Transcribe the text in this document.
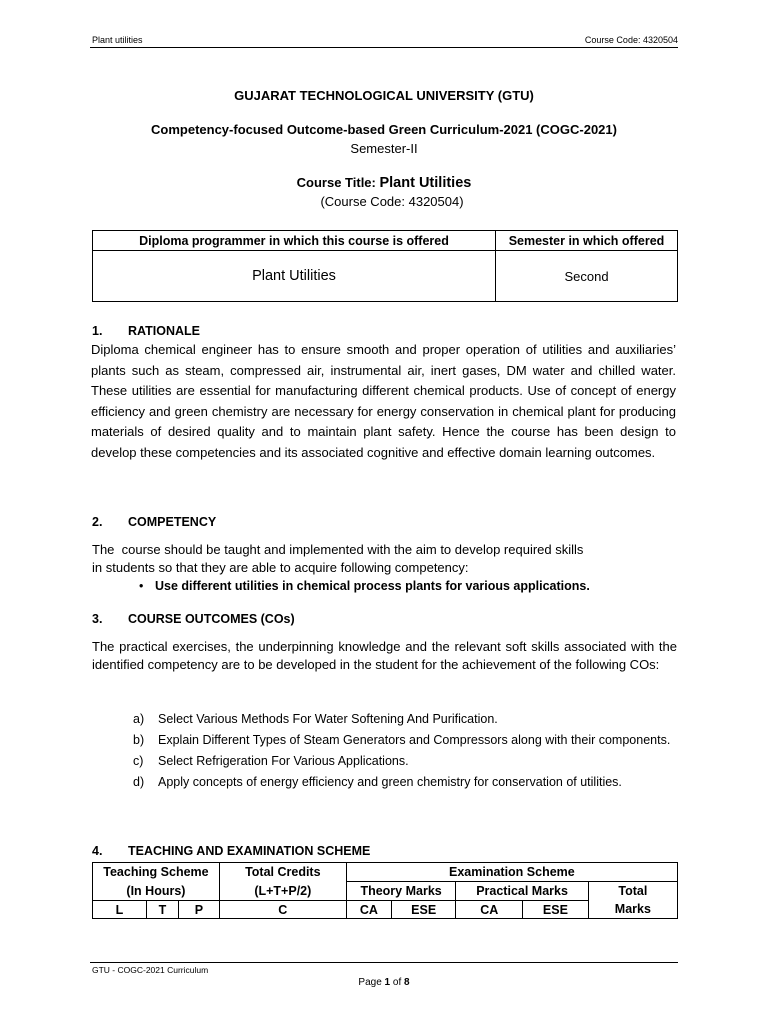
Plant utilities	Course Code: 4320504
GUJARAT TECHNOLOGICAL UNIVERSITY (GTU)
Competency-focused Outcome-based Green Curriculum-2021 (COGC-2021)
Semester-II
Course Title: Plant Utilities
(Course Code: 4320504)
Diploma programmer in which this course is offered	Semester in which offered
Plant Utilities	Second
1. RATIONALE
Diploma chemical engineer has to ensure smooth and proper operation of utilities and auxiliaries’ plants such as steam, compressed air, instrumental air, inert gases, DM water and chilled water. These utilities are essential for manufacturing different chemical products. Use of concept of energy efficiency and green chemistry are necessary for energy conservation in chemical plant for producing materials of desired quality and to maintain plant safety. Hence the course has been design to develop these competencies and its associated cognitive and effective domain learning outcomes.
2. COMPETENCY
The  course should be taught and implemented with the aim to develop required skills
in students so that they are able to acquire following competency:
• Use different utilities in chemical process plants for various applications.
3. COURSE OUTCOMES (COs)
The practical exercises, the underpinning knowledge and the relevant soft skills associated with the identified competency are to be developed in the student for the achievement of the following COs:
a) Select Various Methods For Water Softening And Purification.
b) Explain Different Types of Steam Generators and Compressors along with their components.
c) Select Refrigeration For Various Applications.
d) Apply concepts of energy efficiency and green chemistry for conservation of utilities.
4. TEACHING AND EXAMINATION SCHEME
Teaching Scheme			Total Credits	Examination Scheme				
(In Hours)			(L+T+P/2)	Theory Marks		Practical Marks		Total
L	T	P	C	CA	ESE	CA	ESE	Marks
GTU - COGC-2021 Curriculum
Page 1 of 8
